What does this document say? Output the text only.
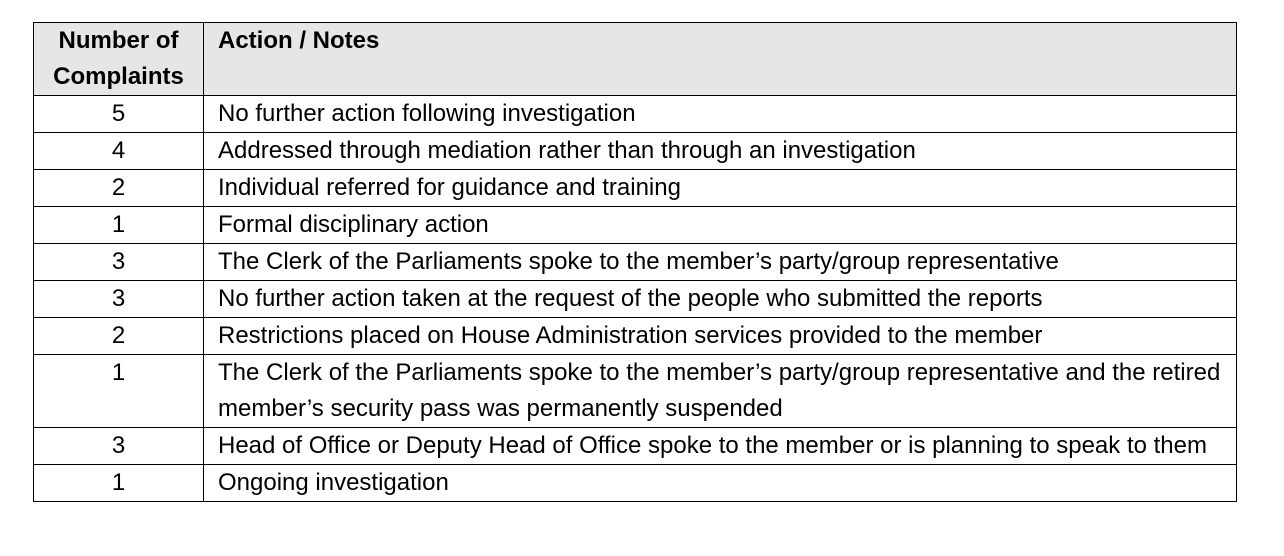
Number of
Complaints	Action / Notes
5	No further action following investigation
4	Addressed through mediation rather than through an investigation
2	Individual referred for guidance and training
1	Formal disciplinary action
3	The Clerk of the Parliaments spoke to the member’s party/group representative
3	No further action taken at the request of the people who submitted the reports
2	Restrictions placed on House Administration services provided to the member
1	The Clerk of the Parliaments spoke to the member’s party/group representative and the retired member’s security pass was permanently suspended
3	Head of Office or Deputy Head of Office spoke to the member or is planning to speak to them
1	Ongoing investigation
